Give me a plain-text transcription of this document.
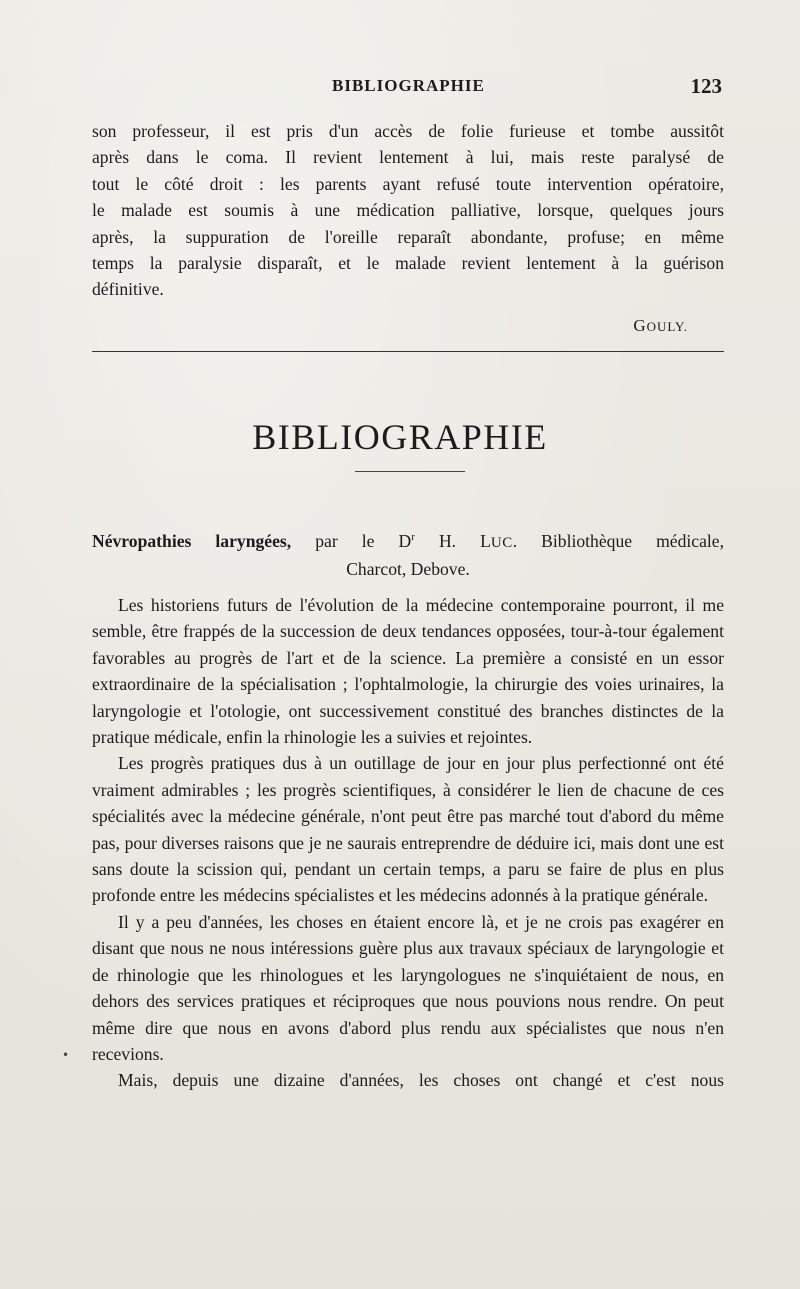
BIBLIOGRAPHIE	123

son professeur, il est pris d'un accès de folie furieuse et tombe aussitôt

après dans le coma. Il revient lentement à lui, mais reste paralysé de

tout le côté droit : les parents ayant refusé toute intervention opératoire,

le malade est soumis à une médication palliative, lorsque, quelques jours

après, la suppuration de l'oreille reparaît abondante, profuse; en même

temps la paralysie disparaît, et le malade revient lentement à la guérison

définitive.

GOULY.
BIBLIOGRAPHIE
Névropathies laryngées, par le $D^r$ H. LUC. Bibliothèque médicale,
Charcot, Debove.

Les historiens futurs de l'évolution de la médecine contemporaine pourront, il me semble, être frappés de la succession de deux tendances opposées, tour-à-tour également favorables au progrès de l'art et de la science. La première a consisté en un essor extraordinaire de la spécialisation ; l'ophtalmologie, la chirurgie des voies urinaires, la laryngologie et l'otologie, ont successivement constitué des branches distinctes de la pratique médicale, enfin la rhinologie les a suivies et rejointes.

Les progrès pratiques dus à un outillage de jour en jour plus perfectionné ont été vraiment admirables ; les progrès scientifiques, à considérer le lien de chacune de ces spécialités avec la médecine générale, n'ont peut être pas marché tout d'abord du même pas, pour diverses raisons que je ne saurais entreprendre de déduire ici, mais dont une est sans doute la scission qui, pendant un certain temps, a paru se faire de plus en plus profonde entre les médecins spécialistes et les médecins adonnés à la pratique générale.

Il y a peu d'années, les choses en étaient encore là, et je ne crois pas exagérer en disant que nous ne nous intéressions guère plus aux travaux spéciaux de laryngologie et de rhinologie que les rhinologues et les laryngologues ne s'inquiétaient de nous, en dehors des services pratiques et réciproques que nous pouvions nous rendre. On peut même dire que nous en avons d'abord plus rendu aux spécialistes que nous n'en recevions.

Mais, depuis une dizaine d'années, les choses ont changé et c'est nous

•
